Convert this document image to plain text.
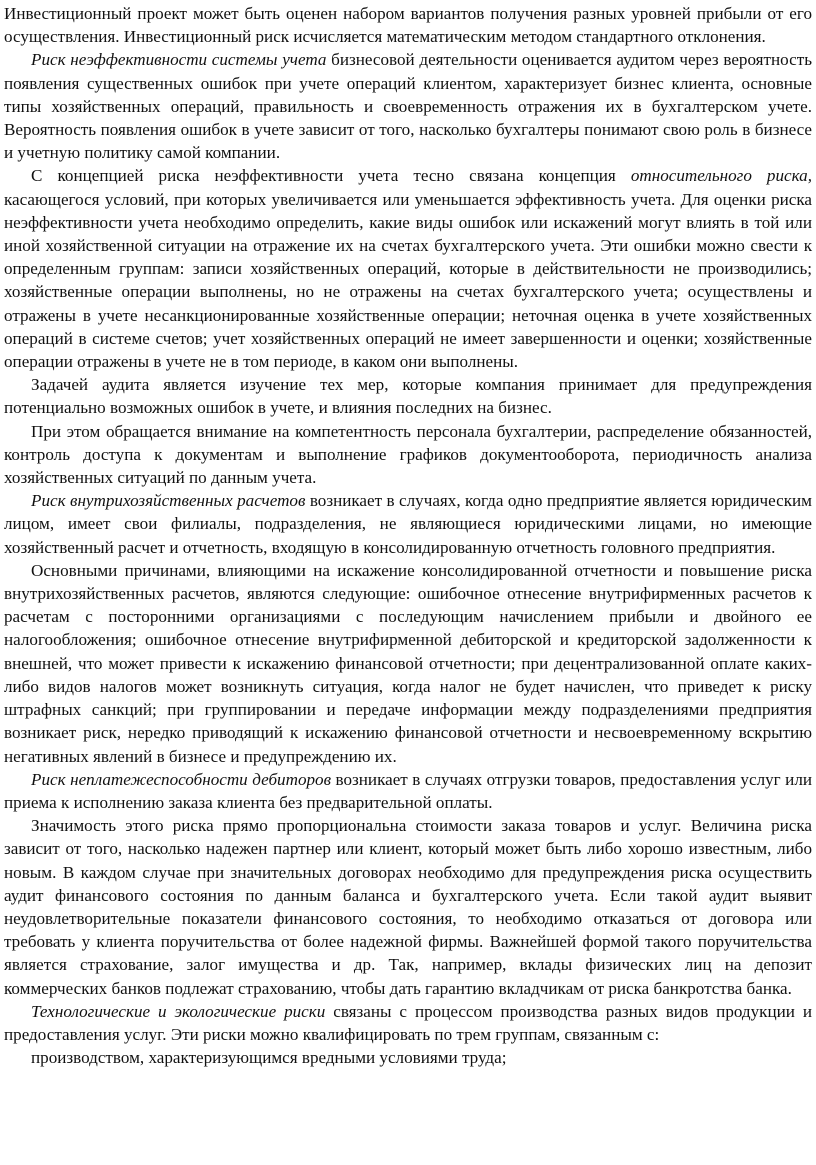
Инвестиционный проект может быть оценен набором вариантов получения разных уровней прибыли от его осуществления. Инвестиционный риск исчисляется математическим методом стандартного отклонения.

Риск неэффективности системы учета бизнесовой деятельности оценивается аудитом через вероятность появления существенных ошибок при учете операций клиентом, характеризует бизнес клиента, основные типы хозяйственных операций, правильность и своевременность отражения их в бухгалтерском учете. Вероятность появления ошибок в учете зависит от того, насколько бухгалтеры понимают свою роль в бизнесе и учетную политику самой компании.

С концепцией риска неэффективности учета тесно связана концепция относительного риска, касающегося условий, при которых увеличивается или уменьшается эффективность учета. Для оценки риска неэффективности учета необходимо определить, какие виды ошибок или искажений могут влиять в той или иной хозяйственной ситуации на отражение их на счетах бухгалтерского учета. Эти ошибки можно свести к определенным группам: записи хозяйственных операций, которые в действительности не производились; хозяйственные операции выполнены, но не отражены на счетах бухгалтерского учета; осуществлены и отражены в учете несанкционированные хозяйственные операции; неточная оценка в учете хозяйственных операций в системе счетов; учет хозяйственных операций не имеет завершенности и оценки; хозяйственные операции отражены в учете не в том периоде, в каком они выполнены.

Задачей аудита является изучение тех мер, которые компания принимает для предупреждения потенциально возможных ошибок в учете, и влияния последних на бизнес.

При этом обращается внимание на компетентность персонала бухгалтерии, распределение обязанностей, контроль доступа к документам и выполнение графиков документооборота, периодичность анализа хозяйственных ситуаций по данным учета.

Риск внутрихозяйственных расчетов возникает в случаях, когда одно предприятие является юридическим лицом, имеет свои филиалы, подразделения, не являющиеся юридическими лицами, но имеющие хозяйственный расчет и отчетность, входящую в консолидированную отчетность головного предприятия.

Основными причинами, влияющими на искажение консолидированной отчетности и повышение риска внутрихозяйственных расчетов, являются следующие: ошибочное отнесение внутрифирменных расчетов к расчетам с посторонними организациями с последующим начислением прибыли и двойного ее налогообложения; ошибочное отнесение внутрифирменной дебиторской и кредиторской задолженности к внешней, что может привести к искажению финансовой отчетности; при децентрализованной оплате каких-либо видов налогов может возникнуть ситуация, когда налог не будет начислен, что приведет к риску штрафных санкций; при группировании и передаче информации между подразделениями предприятия возникает риск, нередко приводящий к искажению финансовой отчетности и несвоевременному вскрытию негативных явлений в бизнесе и предупреждению их.

Риск неплатежеспособности дебиторов возникает в случаях отгрузки товаров, предоставления услуг или приема к исполнению заказа клиента без предварительной оплаты.

Значимость этого риска прямо пропорциональна стоимости заказа товаров и услуг. Величина риска зависит от того, насколько надежен партнер или клиент, который может быть либо хорошо известным, либо новым. В каждом случае при значительных договорах необходимо для предупреждения риска осуществить аудит финансового состояния по данным баланса и бухгалтерского учета. Если такой аудит выявит неудовлетворительные показатели финансового состояния, то необходимо отказаться от договора или требовать у клиента поручительства от более надежной фирмы. Важнейшей формой такого поручительства является страхование, залог имущества и др. Так, например, вклады физических лиц на депозит коммерческих банков подлежат страхованию, чтобы дать гарантию вкладчикам от риска банкротства банка.

Технологические и экологические риски связаны с процессом производства разных видов продукции и предоставления услуг. Эти риски можно квалифицировать по трем группам, связанным с:

производством, характеризующимся вредными условиями труда;
